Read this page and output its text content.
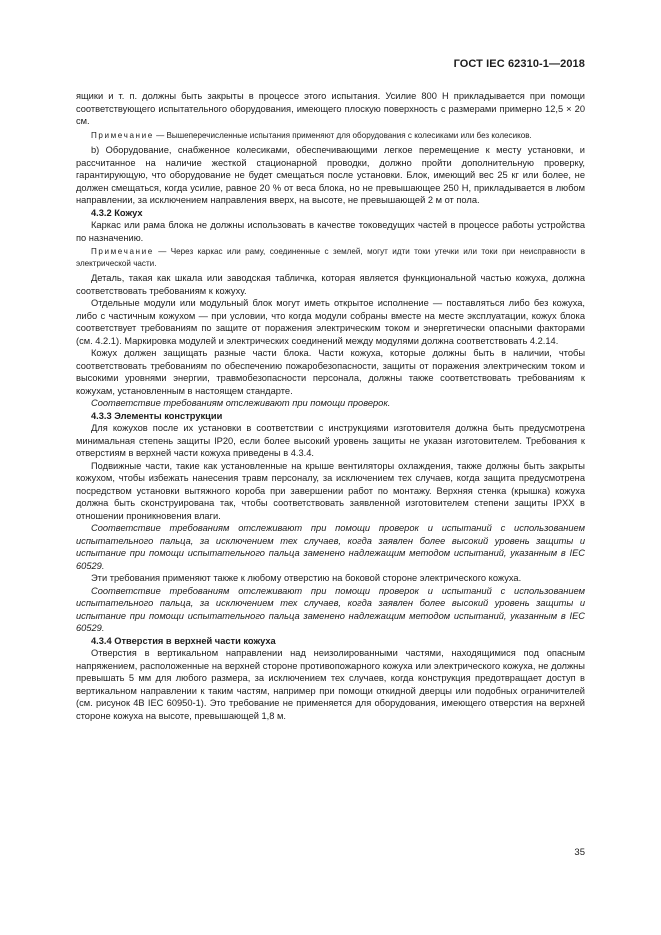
ГОСТ IEC 62310-1—2018

ящики и т. п. должны быть закрыты в процессе этого испытания. Усилие 800 Н прикладывается при помощи соответствующего испытательного оборудования, имеющего плоскую поверхность с размерами примерно 12,5 × 20 см.

Примечание — Вышеперечисленные испытания применяют для оборудования с колесиками или без колесиков.

b) Оборудование, снабженное колесиками, обеспечивающими легкое перемещение к месту установки, и рассчитанное на наличие жесткой стационарной проводки, должно пройти дополнительную проверку, гарантирующую, что оборудование не будет смещаться после установки. Блок, имеющий вес 25 кг или более, не должен смещаться, когда усилие, равное 20 % от веса блока, но не превышающее 250 Н, прикладывается в любом направлении, за исключением направления вверх, на высоте, не превышающей 2 м от пола.

4.3.2 Кожух

Каркас или рама блока не должны использовать в качестве токоведущих частей в процессе работы устройства по назначению.

Примечание — Через каркас или раму, соединенные с землей, могут идти токи утечки или токи при неисправности в электрической части.

Деталь, такая как шкала или заводская табличка, которая является функциональной частью кожуха, должна соответствовать требованиям к кожуху.

Отдельные модули или модульный блок могут иметь открытое исполнение — поставляться либо без кожуха, либо с частичным кожухом — при условии, что когда модули собраны вместе на месте эксплуатации, кожух блока соответствует требованиям по защите от поражения электрическим током и энергетически опасными факторами (см. 4.2.1). Маркировка модулей и электрических соединений между модулями должна соответствовать 4.2.14.

Кожух должен защищать разные части блока. Части кожуха, которые должны быть в наличии, чтобы соответствовать требованиям по обеспечению пожаробезопасности, защиты от поражения электрическим током и высокими уровнями энергии, травмобезопасности персонала, должны также соответствовать требованиям к кожухам, установленным в настоящем стандарте.

Соответствие требованиям отслеживают при помощи проверок.

4.3.3 Элементы конструкции

Для кожухов после их установки в соответствии с инструкциями изготовителя должна быть предусмотрена минимальная степень защиты IP20, если более высокий уровень защиты не указан изготовителем. Требования к отверстиям в верхней части кожуха приведены в 4.3.4.

Подвижные части, такие как установленные на крыше вентиляторы охлаждения, также должны быть закрыты кожухом, чтобы избежать нанесения травм персоналу, за исключением тех случаев, когда защита предусмотрена посредством установки вытяжного короба при завершении работ по монтажу. Верхняя стенка (крышка) кожуха должна быть сконструирована так, чтобы соответствовать заявленной изготовителем степени защиты IPXX в отношении проникновения влаги.

Соответствие требованиям отслеживают при помощи проверок и испытаний с использованием испытательного пальца, за исключением тех случаев, когда заявлен более высокий уровень защиты и испытание при помощи испытательного пальца заменено надлежащим методом испытаний, указанным в IEC 60529.

Эти требования применяют также к любому отверстию на боковой стороне электрического кожуха.

Соответствие требованиям отслеживают при помощи проверок и испытаний с использованием испытательного пальца, за исключением тех случаев, когда заявлен более высокий уровень защиты и испытание при помощи испытательного пальца заменено надлежащим методом испытаний, указанным в IEC 60529.

4.3.4 Отверстия в верхней части кожуха

Отверстия в вертикальном направлении над неизолированными частями, находящимися под опасным напряжением, расположенные на верхней стороне противопожарного кожуха или электрического кожуха, не должны превышать 5 мм для любого размера, за исключением тех случаев, когда конструкция предотвращает доступ в вертикальном направлении к таким частям, например при помощи откидной дверцы или подобных ограничителей (см. рисунок 4B IEC 60950-1). Это требование не применяется для оборудования, имеющего отверстия на верхней стороне кожуха на высоте, превышающей 1,8 м.

35
